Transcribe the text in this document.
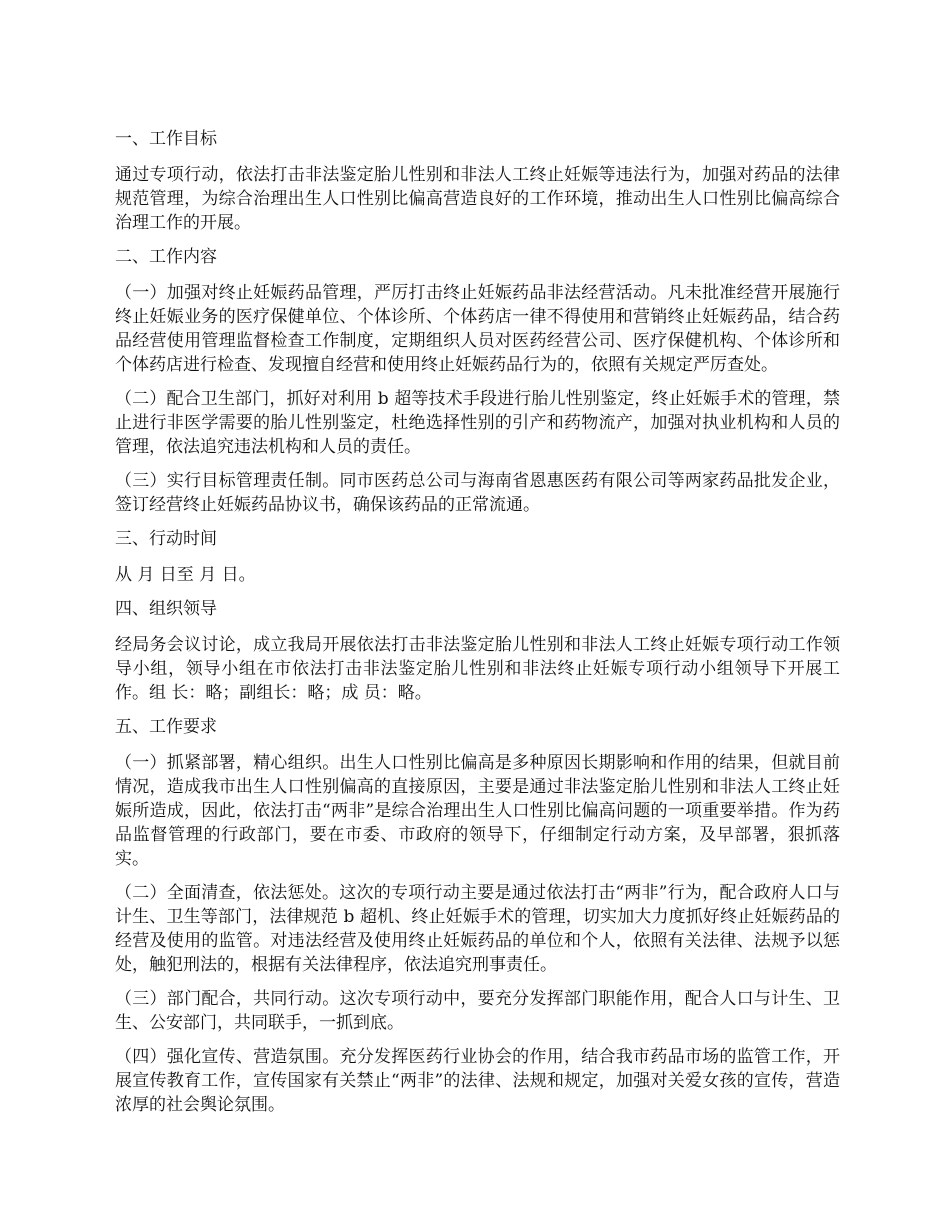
一、工作目标

通过专项行动，依法打击非法鉴定胎儿性别和非法人工终止妊娠等违法行为，加强对药品的法律规范管理，为综合治理出生人口性别比偏高营造良好的工作环境，推动出生人口性别比偏高综合治理工作的开展。

二、工作内容

（一）加强对终止妊娠药品管理，严厉打击终止妊娠药品非法经营活动。凡未批准经营开展施行终止妊娠业务的医疗保健单位、个体诊所、个体药店一律不得使用和营销终止妊娠药品，结合药品经营使用管理监督检查工作制度，定期组织人员对医药经营公司、医疗保健机构、个体诊所和个体药店进行检查、发现擅自经营和使用终止妊娠药品行为的，依照有关规定严厉查处。

（二）配合卫生部门，抓好对利用 b 超等技术手段进行胎儿性别鉴定，终止妊娠手术的管理，禁止进行非医学需要的胎儿性别鉴定，杜绝选择性别的引产和药物流产，加强对执业机构和人员的管理，依法追究违法机构和人员的责任。

（三）实行目标管理责任制。同市医药总公司与海南省恩惠医药有限公司等两家药品批发企业，签订经营终止妊娠药品协议书，确保该药品的正常流通。

三、行动时间

从 月 日至 月 日。

四、组织领导

经局务会议讨论，成立我局开展依法打击非法鉴定胎儿性别和非法人工终止妊娠专项行动工作领导小组，领导小组在市依法打击非法鉴定胎儿性别和非法终止妊娠专项行动小组领导下开展工作。组 长：略；副组长：略；成 员：略。

五、工作要求

（一）抓紧部署，精心组织。出生人口性别比偏高是多种原因长期影响和作用的结果，但就目前情况，造成我市出生人口性别偏高的直接原因，主要是通过非法鉴定胎儿性别和非法人工终止妊娠所造成，因此，依法打击“两非”是综合治理出生人口性别比偏高问题的一项重要举措。作为药品监督管理的行政部门，要在市委、市政府的领导下，仔细制定行动方案，及早部署，狠抓落实。

（二）全面清查，依法惩处。这次的专项行动主要是通过依法打击“两非”行为，配合政府人口与计生、卫生等部门，法律规范 b 超机、终止妊娠手术的管理，切实加大力度抓好终止妊娠药品的经营及使用的监管。对违法经营及使用终止妊娠药品的单位和个人，依照有关法律、法规予以惩处，触犯刑法的，根据有关法律程序，依法追究刑事责任。

（三）部门配合，共同行动。这次专项行动中，要充分发挥部门职能作用，配合人口与计生、卫生、公安部门，共同联手，一抓到底。

（四）强化宣传、营造氛围。充分发挥医药行业协会的作用，结合我市药品市场的监管工作，开展宣传教育工作，宣传国家有关禁止“两非”的法律、法规和规定，加强对关爱女孩的宣传，营造浓厚的社会舆论氛围。
